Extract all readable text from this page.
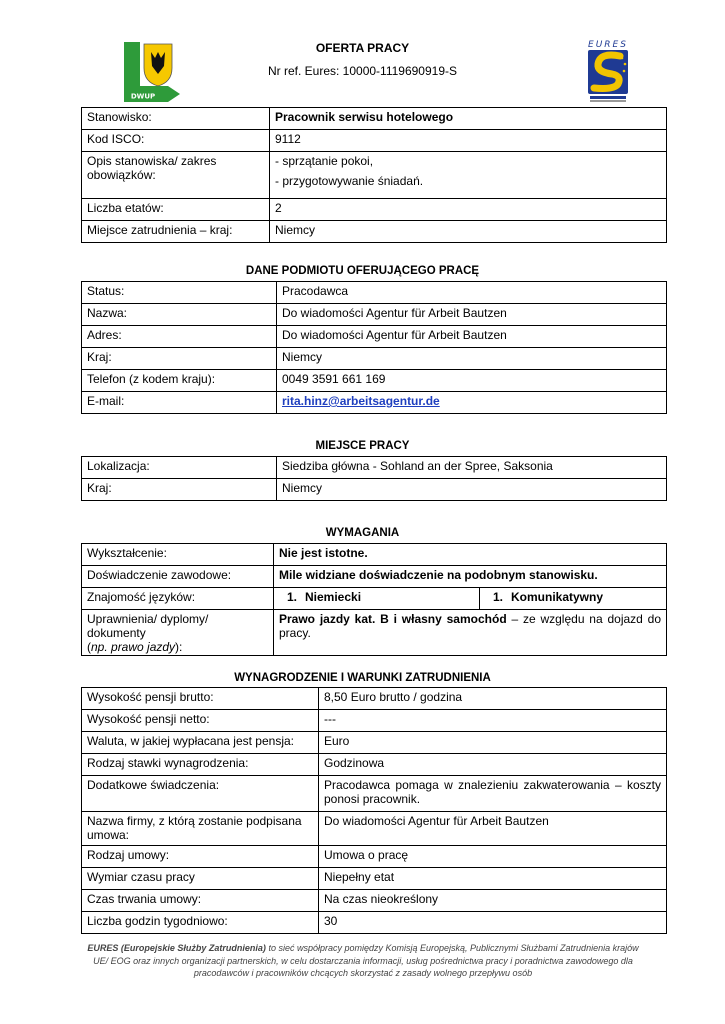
DWUP
OFERTA PRACY
Nr ref. Eures: 10000-1119690919-S
EURES
Stanowisko:	Pracownik serwisu hotelowego
Kod ISCO:	9112
Opis stanowiska/ zakres obowiązków:	- sprzątanie pokoi,
- przygotowywanie śniadań.

Liczba etatów:	2
Miejsce zatrudnienia – kraj:	Niemcy
DANE PODMIOTU OFERUJĄCEGO PRACĘ
Status:	Pracodawca
Nazwa:	Do wiadomości Agentur für Arbeit Bautzen
Adres:	Do wiadomości Agentur für Arbeit Bautzen
Kraj:	Niemcy
Telefon (z kodem kraju):	0049 3591 661 169
E-mail:	rita.hinz@arbeitsagentur.de
MIEJSCE PRACY
Lokalizacja:	Siedziba główna - Sohland an der Spree, Saksonia
Kraj:	Niemcy
WYMAGANIA
Wykształcenie:	Nie jest istotne.	
Doświadczenie zawodowe:	Mile widziane doświadczenie na podobnym stanowisku.	
Znajomość języków:	1. Niemiecki	1. Komunikatywny

Uprawnienia/ dyplomy/ dokumenty
(np. prawo jazdy):	Prawo jazdy kat. B i własny samochód – ze względu na dojazd do pracy.	
WYNAGRODZENIE I WARUNKI ZATRUDNIENIA
Wysokość pensji brutto:	8,50 Euro brutto / godzina
Wysokość pensji netto:	---
Waluta, w jakiej wypłacana jest pensja:	Euro
Rodzaj stawki wynagrodzenia:	Godzinowa
Dodatkowe świadczenia:	Pracodawca pomaga w znalezieniu zakwaterowania – koszty ponosi pracownik.
Nazwa firmy, z którą zostanie podpisana umowa:	Do wiadomości Agentur für Arbeit Bautzen
Rodzaj umowy:	Umowa o pracę
Wymiar czasu pracy	Niepełny etat
Czas trwania umowy:	Na czas nieokreślony
Liczba godzin tygodniowo:	30
EURES (Europejskie Służby Zatrudnienia) to sieć współpracy pomiędzy Komisją Europejską, Publicznymi Służbami Zatrudnienia krajów UE/ EOG oraz innych organizacji partnerskich, w celu dostarczania informacji, usług pośrednictwa pracy i poradnictwa zawodowego dla pracodawców i pracowników chcących skorzystać z zasady wolnego przepływu osób
